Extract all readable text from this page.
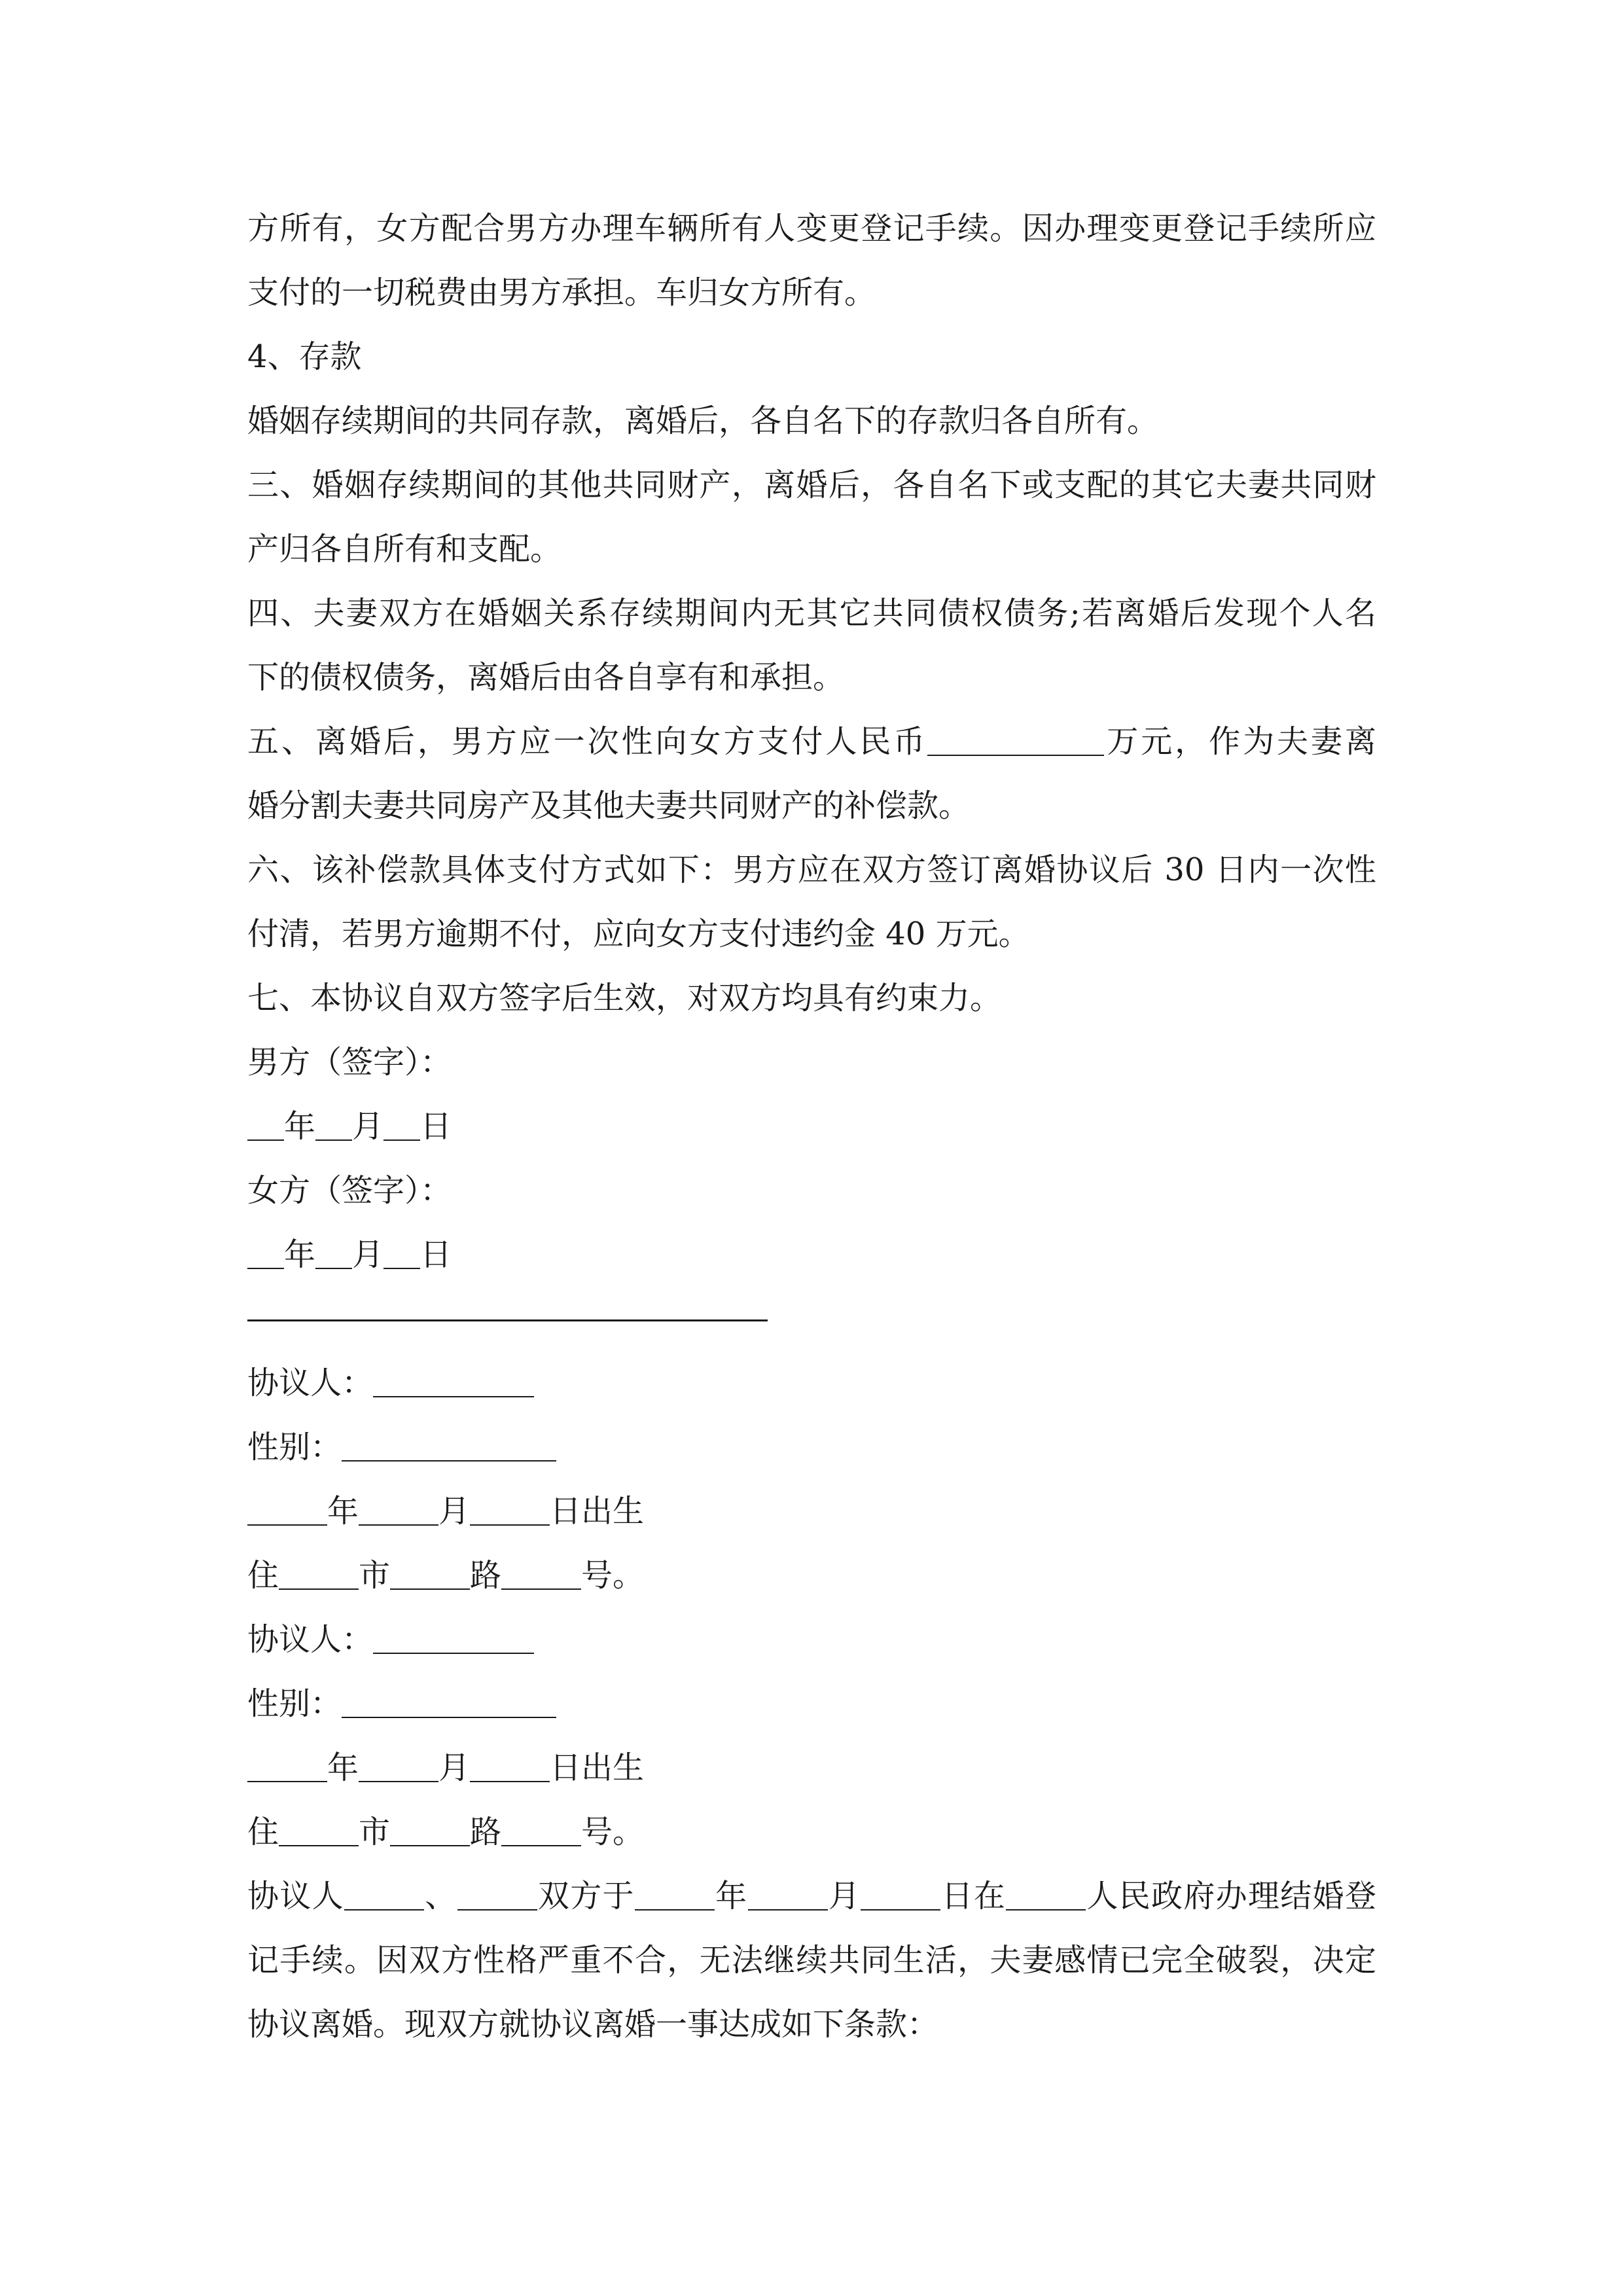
方所有，女方配合男方办理车辆所有人变更登记手续。因办理变更登记手续所应
支付的一切税费由男方承担。车归女方所有。
4、存款
婚姻存续期间的共同存款，离婚后，各自名下的存款归各自所有。
三、婚姻存续期间的其他共同财产，离婚后，各自名下或支配的其它夫妻共同财
产归各自所有和支配。
四、夫妻双方在婚姻关系存续期间内无其它共同债权债务;若离婚后发现个人名
下的债权债务，离婚后由各自享有和承担。
五、离婚后，男方应一次性向女方支付人民币	万元，作为夫妻离
婚分割夫妻共同房产及其他夫妻共同财产的补偿款。
六、该补偿款具体支付方式如下：男方应在双方签订离婚协议后 30 日内一次性
付清，若男方逾期不付，应向女方支付违约金 40 万元。
七、本协议自双方签字后生效，对双方均具有约束力。
男方（签字）：
年 月 日
女方（签字）：
年 月 日
协议人：
性别：
年	月	日出生
住	市	路	号。
协议人：
性别：
年	月	日出生
住	市	路	号。
协议人	、	双方于	年	月	日在	人民政府办理结婚登
记手续。因双方性格严重不合，无法继续共同生活，夫妻感情已完全破裂，决定
协议离婚。现双方就协议离婚一事达成如下条款：
